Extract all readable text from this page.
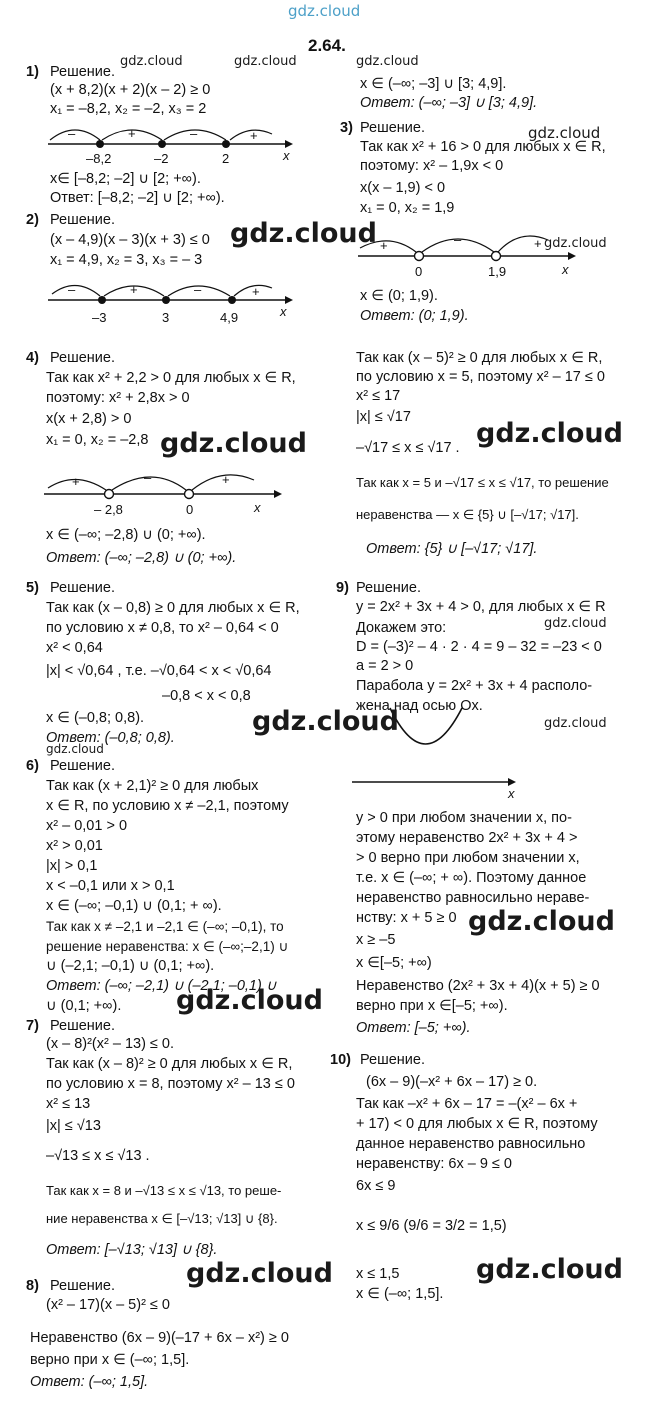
gdz.cloud
2.64.
1) Решение.
(x + 8,2)(x + 2)(x – 2) ≥ 0
x₁ = –8,2, x₂ = –2, x₃ = 2
–	+	–	+
–8,2	–2	2	x
x∈ [–8,2; –2] ∪ [2; +∞).
Ответ: [–8,2; –2] ∪ [2; +∞).
2) Решение.
(x – 4,9)(x – 3)(x + 3) ≤ 0
x₁ = 4,9, x₂ = 3, x₃ = – 3
–	+	–	+
–3	3	4,9	x
x ∈ (–∞; –3] ∪ [3; 4,9].
Ответ: (–∞; –3] ∪ [3; 4,9].
3) Решение.
Так как x² + 16 > 0 для любых x ∈ R,
поэтому: x² – 1,9x < 0
x(x – 1,9) < 0
x₁ = 0, x₂ = 1,9
+	–	+
0	1,9	x
x ∈ (0; 1,9).
Ответ: (0; 1,9).
4) Решение.
Так как x² + 2,2 > 0 для любых x ∈ R,
поэтому: x² + 2,8x > 0
x(x + 2,8) > 0
x₁ = 0, x₂ = –2,8
+	–	+
– 2,8	0	x
x ∈ (–∞; –2,8) ∪ (0; +∞).
Ответ: (–∞; –2,8) ∪ (0; +∞).
Так как (x – 5)² ≥ 0 для любых x ∈ R,
по условию x = 5, поэтому x² – 17 ≤ 0
x² ≤ 17
|x| ≤ √17
–√17 ≤ x ≤ √17 .
Так как x = 5 и –√17 ≤ x ≤ √17, то решение
неравенства — x ∈ {5} ∪ [–√17; √17].
Ответ: {5} ∪ [–√17; √17].
5) Решение.
Так как (x – 0,8) ≥ 0 для любых x ∈ R,
по условию x ≠ 0,8, то x² – 0,64 < 0
x² < 0,64
|x| < √0,64 , т.е. –√0,64 < x < √0,64
–0,8 < x < 0,8
x ∈ (–0,8; 0,8).
Ответ: (–0,8; 0,8).
6) Решение.
Так как (x + 2,1)² ≥ 0 для любых
x ∈ R, по условию x ≠ –2,1, поэтому
x² – 0,01 > 0
x² > 0,01
|x| > 0,1
x < –0,1 или x > 0,1
x ∈ (–∞; –0,1) ∪ (0,1; + ∞).
Так как x ≠ –2,1 и –2,1 ∈ (–∞; –0,1), то
решение неравенства: x ∈ (–∞;–2,1) ∪
∪ (–2,1; –0,1) ∪ (0,1; +∞).
Ответ: (–∞; –2,1) ∪ (–2,1; –0,1) ∪
∪ (0,1; +∞).
7) Решение.
(x – 8)²(x² – 13) ≤ 0.
Так как (x – 8)² ≥ 0 для любых x ∈ R,
по условию x = 8, поэтому x² – 13 ≤ 0
x² ≤ 13
|x| ≤ √13
–√13 ≤ x ≤ √13 .
Так как x = 8 и –√13 ≤ x ≤ √13, то реше-
ние неравенства x ∈ [–√13; √13] ∪ {8}.
Ответ: [–√13; √13] ∪ {8}.
8) Решение.
(x² – 17)(x – 5)² ≤ 0
Неравенство (6x – 9)(–17 + 6x – x²) ≥ 0
верно при x ∈ (–∞; 1,5].
Ответ: (–∞; 1,5].
9) Решение.
y = 2x² + 3x + 4 > 0, для любых x ∈ R
Докажем это:
D = (–3)² – 4 · 2 · 4 = 9 – 32 = –23 < 0
a = 2 > 0
Парабола y = 2x² + 3x + 4 располо-
жена над осью Ox.
x
y > 0 при любом значении x, по-
этому неравенство 2x² + 3x + 4 >
> 0 верно при любом значении x,
т.е. x ∈ (–∞; + ∞). Поэтому данное
неравенство равносильно нераве-
нству: x + 5 ≥ 0
x ≥ –5
x ∈[–5; +∞)
Неравенство (2x² + 3x + 4)(x + 5) ≥ 0
верно при x ∈[–5; +∞).
Ответ: [–5; +∞).
10) Решение.
(6x – 9)(–x² + 6x – 17) ≥ 0.
Так как –x² + 6x – 17 = –(x² – 6x +
+ 17) < 0 для любых x ∈ R, поэтому
данное неравенство равносильно
неравенству: 6x – 9 ≤ 0
6x ≤ 9
x ≤ 9/6 (9/6 = 3/2 = 1,5)
x ≤ 1,5
x ∈ (–∞; 1,5].
gdz.cloud
gdz.cloud	gdz.cloud
gdz.cloud
gdz.cloud
gdz.cloud
gdz.cloud	gdz.cloud
gdz.cloud	gdz.cloud	gdz.cloud
gdz.cloud
gdz.cloud
gdz.cloud
gdz.cloud
gdz.cloud
